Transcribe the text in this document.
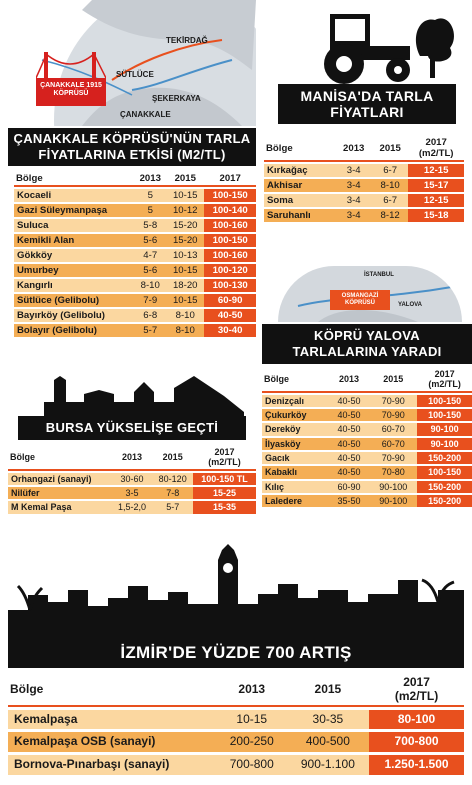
TEKİRDAĞ
SÜTLÜCE
ŞEKERKAYA
ÇANAKKALE
ÇANAKKALE 1915
KÖPRÜSÜ
ÇANAKKALE KÖPRÜSÜ'NÜN TARLA
FİYATLARINA ETKİSİ (M2/TL)
Bölge	2013	2015	2017
Kocaeli	5	10-15	100-150
Gazi Süleymanpaşa	5	10-12	100-140
Suluca	5-8	15-20	100-160
Kemikli Alan	5-6	15-20	100-150
Gökköy	4-7	10-13	100-160
Umurbey	5-6	10-15	100-120
Kangırlı	8-10	18-20	100-130
Sütlüce (Gelibolu)	7-9	10-15	60-90
Bayırköy (Gelibolu)	6-8	8-10	40-50
Bolayır (Gelibolu)	5-7	8-10	30-40
MANİSA'DA TARLA
FİYATLARI
Bölge	2013	2015	2017
(m2/TL)
Kırkağaç	3-4	6-7	12-15
Akhisar	3-4	8-10	15-17
Soma	3-4	6-7	12-15
Saruhanlı	3-4	8-12	15-18
İSTANBUL
YALOVA
OSMANGAZİ
KÖPRÜSÜ
KÖPRÜ YALOVA
TARLALARINA YARADI
Bölge	2013	2015	2017
(m2/TL)
Denizçalı	40-50	70-90	100-150
Çukurköy	40-50	70-90	100-150
Dereköy	40-50	60-70	90-100
İlyasköy	40-50	60-70	90-100
Gacık	40-50	70-90	150-200
Kabaklı	40-50	70-80	100-150
Kılıç	60-90	90-100	150-200
Laledere	35-50	90-100	150-200
BURSA YÜKSELİŞE GEÇTİ
Bölge	2013	2015	2017
(m2/TL)
Orhangazi (sanayi)	30-60	80-120	100-150 TL
Nilüfer	3-5	7-8	15-25
M Kemal Paşa	1,5-2,0	5-7	15-35
İZMİR'DE YÜZDE 700 ARTIŞ
Bölge	2013	2015	2017
(m2/TL)
Kemalpaşa	10-15	30-35	80-100
Kemalpaşa OSB (sanayi)	200-250	400-500	700-800
Bornova-Pınarbaşı (sanayi)	700-800	900-1.100	1.250-1.500
